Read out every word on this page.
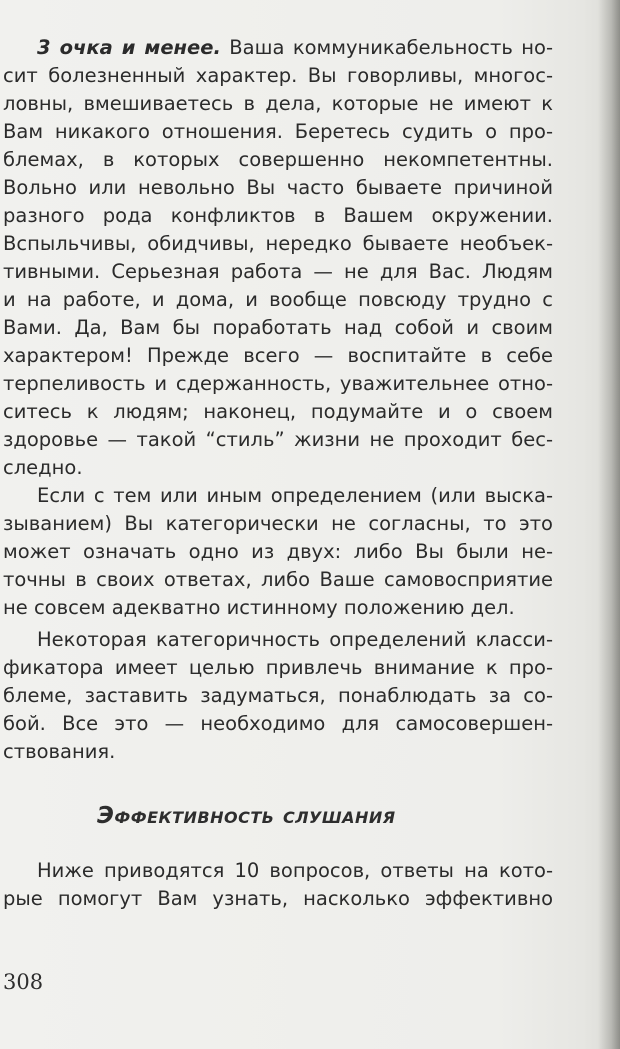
3 очка и менее. Ваша коммуникабельность но-
сит болезненный характер. Вы говорливы, многос-
ловны, вмешиваетесь в дела, которые не имеют к
Вам никакого отношения. Беретесь судить о про-
блемах, в которых совершенно некомпетентны.
Вольно или невольно Вы часто бываете причиной
разного рода конфликтов в Вашем окружении.
Вспыльчивы, обидчивы, нередко бываете необъек-
тивными. Серьезная работа — не для Вас. Людям
и на работе, и дома, и вообще повсюду трудно с
Вами. Да, Вам бы поработать над собой и своим
характером! Прежде всего — воспитайте в себе
терпеливость и сдержанность, уважительнее отно-
ситесь к людям; наконец, подумайте и о своем
здоровье — такой “стиль” жизни не проходит бес-
следно.
Если с тем или иным определением (или выска-
зыванием) Вы категорически не согласны, то это
может означать одно из двух: либо Вы были не-
точны в своих ответах, либо Ваше самовосприятие
не совсем адекватно истинному положению дел.
Некоторая категоричность определений класси-
фикатора имеет целью привлечь внимание к про-
блеме, заставить задуматься, понаблюдать за со-
бой. Все это — необходимо для самосовершен-
ствования.
Ниже приводятся 10 вопросов, ответы на кото-
рые помогут Вам узнать, насколько эффективно
Эффективность слушания
308
